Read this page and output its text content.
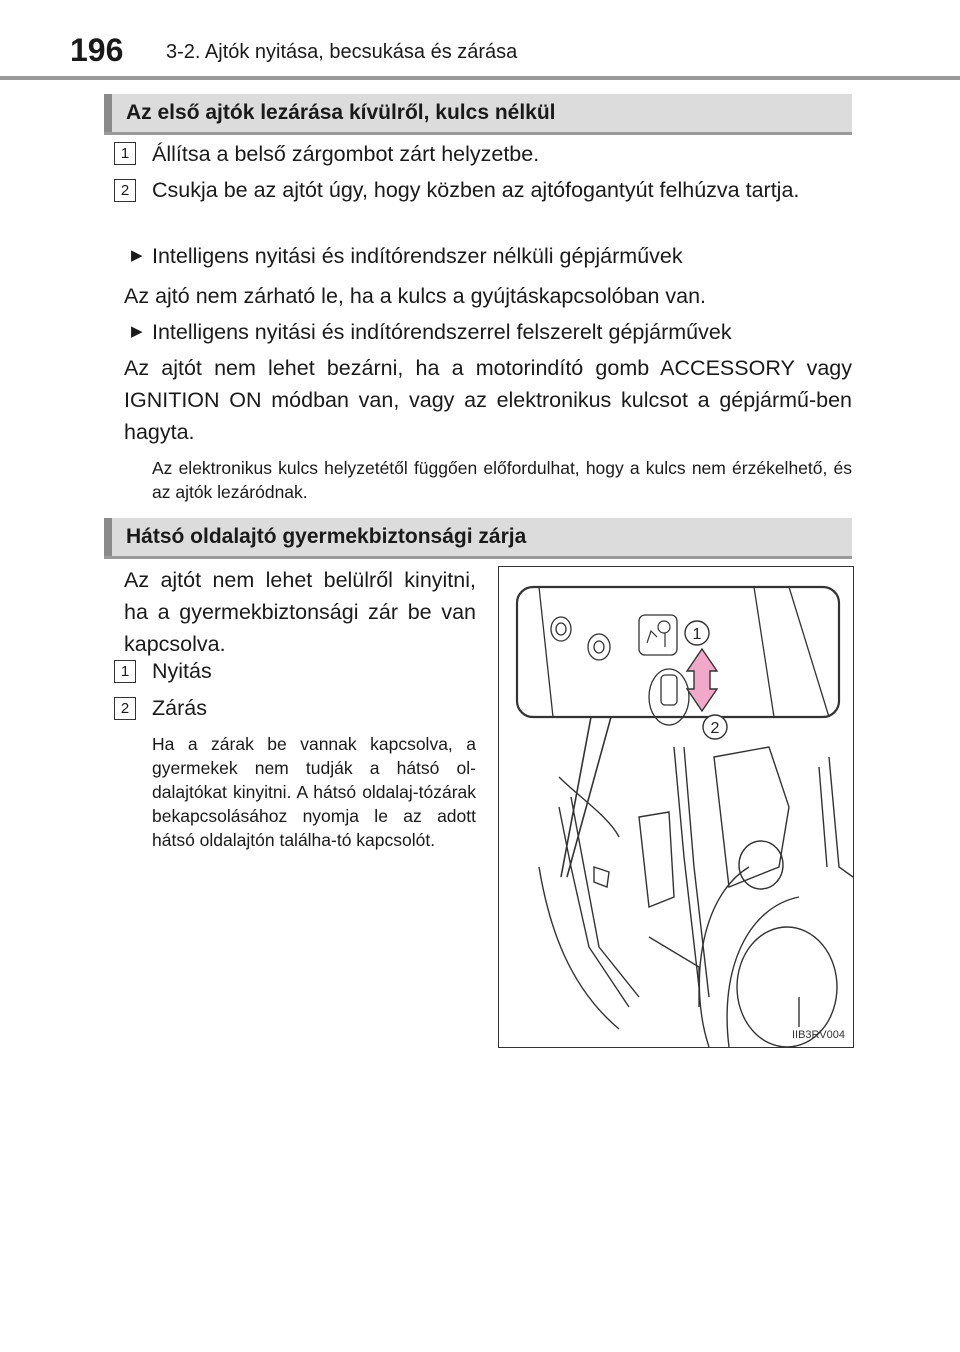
196 3-2. Ajtók nyitása, becsukása és zárása
Az első ajtók lezárása kívülről, kulcs nélkül
1	Állítsa a belső zárgombot zárt helyzetbe.
2	Csukja be az ajtót úgy, hogy közben az ajtófogantyút felhúzva tartja.
▶ Intelligens nyitási és indítórendszer nélküli gépjárművek
Az ajtó nem zárható le, ha a kulcs a gyújtáskapcsolóban van.
▶ Intelligens nyitási és indítórendszerrel felszerelt gépjárművek
Az ajtót nem lehet bezárni, ha a motorindító gomb ACCESSORY vagy IGNITION ON módban van, vagy az elektronikus kulcsot a gépjármű-ben hagyta.
Az elektronikus kulcs helyzetétől függően előfordulhat, hogy a kulcs nem érzékelhető, és az ajtók lezáródnak.
Hátsó oldalajtó gyermekbiztonsági zárja
Az ajtót nem lehet belülről kinyitni, ha a gyermekbiztonsági zár be van kapcsolva.
1	Nyitás
2	Zárás
Ha a zárak be vannak kapcsolva, a gyermekek nem tudják a hátsó ol-dalajtókat kinyitni. A hátsó oldalaj-tózárak bekapcsolásához nyomja le az adott hátsó oldalajtón találha-tó kapcsolót.
1
2
IIB3RV004
